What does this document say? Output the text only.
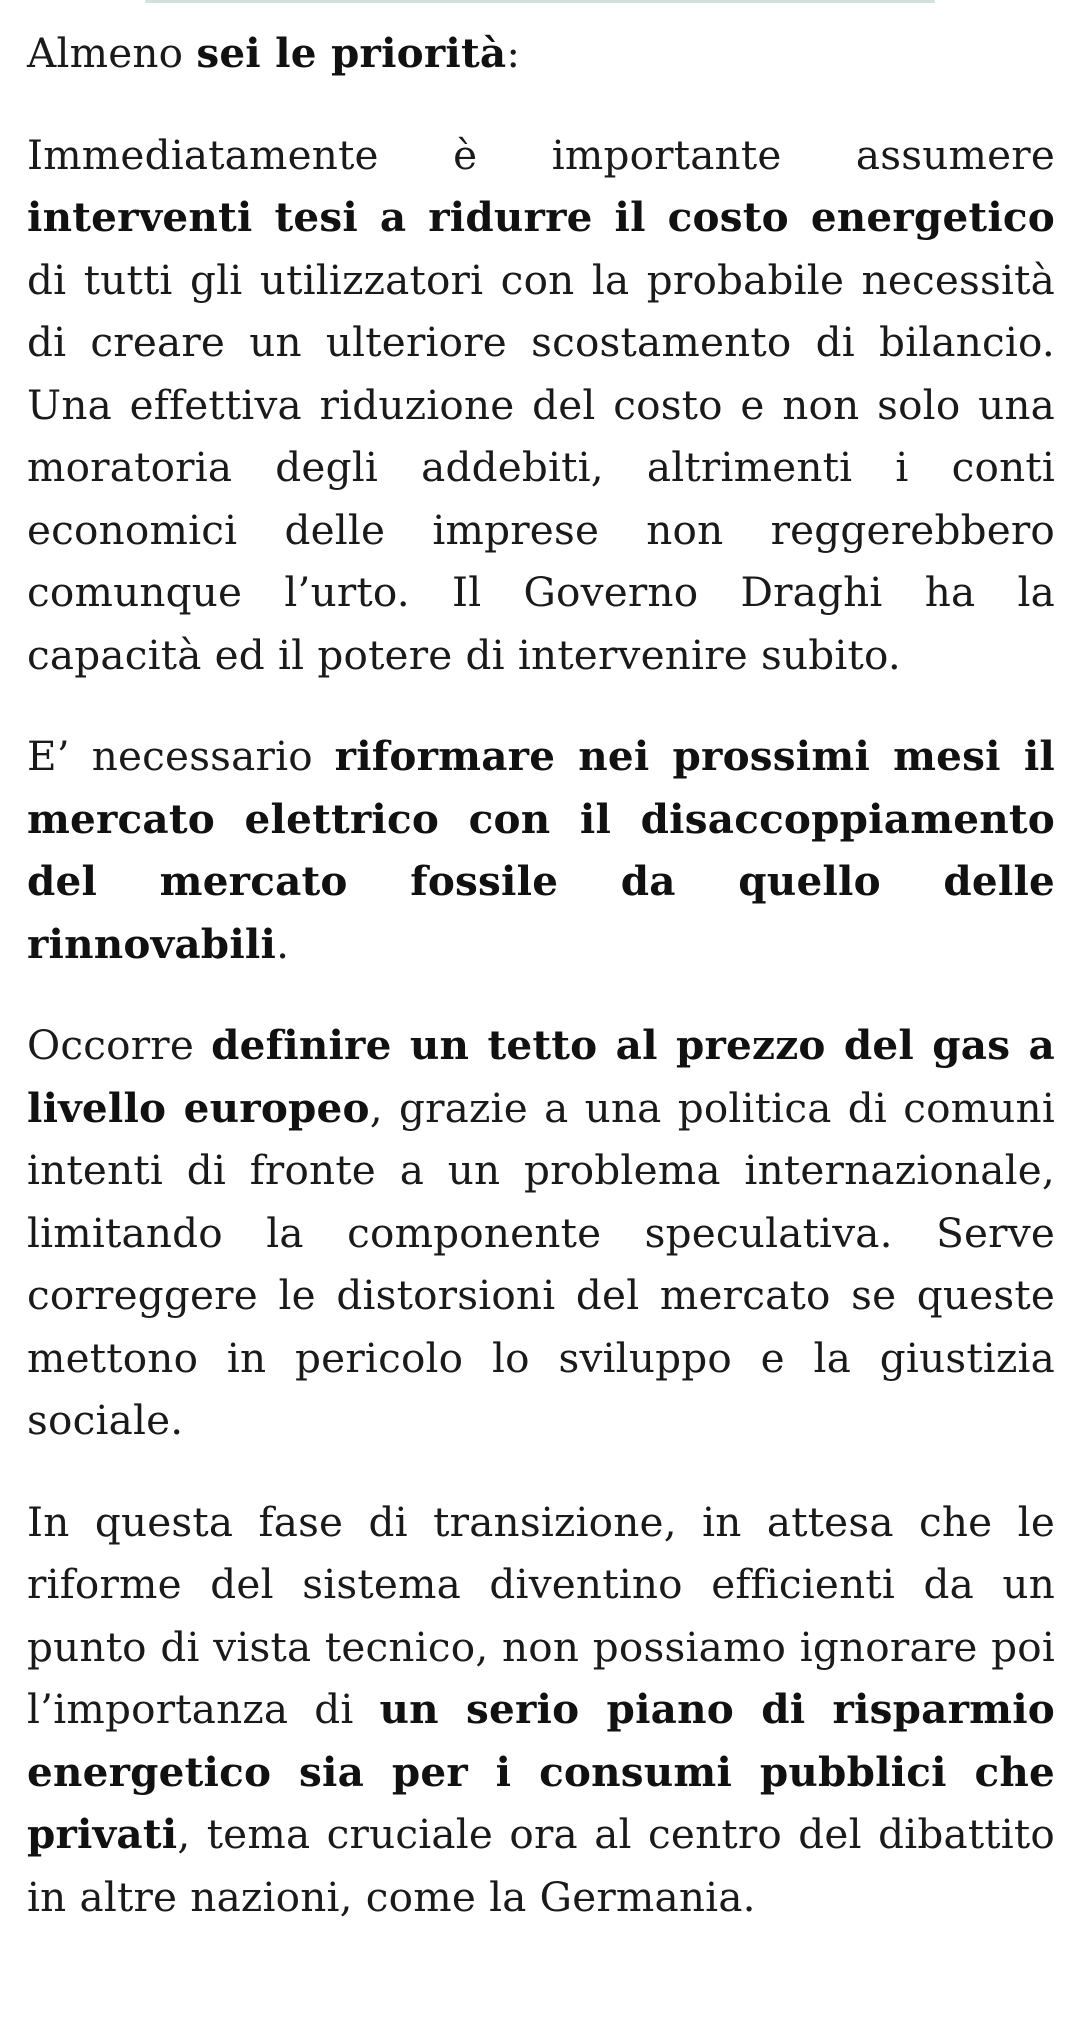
Almeno sei le priorità:

Immediatamente è importante assumere interventi tesi a ridurre il costo energetico di tutti gli utilizzatori con la probabile necessità di creare un ulteriore scostamento di bilancio. Una effettiva riduzione del costo e non solo una moratoria degli addebiti, altrimenti i conti economici delle imprese non reggerebbero comunque l’urto. Il Governo Draghi ha la capacità ed il potere di intervenire subito.

E’ necessario riformare nei prossimi mesi il mercato elettrico con il disaccoppiamento del mercato fossile da quello delle rinnovabili.

Occorre definire un tetto al prezzo del gas a livello europeo, grazie a una politica di comuni intenti di fronte a un problema internazionale, limitando la componente speculativa. Serve correggere le distorsioni del mercato se queste mettono in pericolo lo sviluppo e la giustizia sociale.

In questa fase di transizione, in attesa che le riforme del sistema diventino efficienti da un punto di vista tecnico, non possiamo ignorare poi l’importanza di un serio piano di risparmio energetico sia per i consumi pubblici che privati, tema cruciale ora al centro del dibattito in altre nazioni, come la Germania.
